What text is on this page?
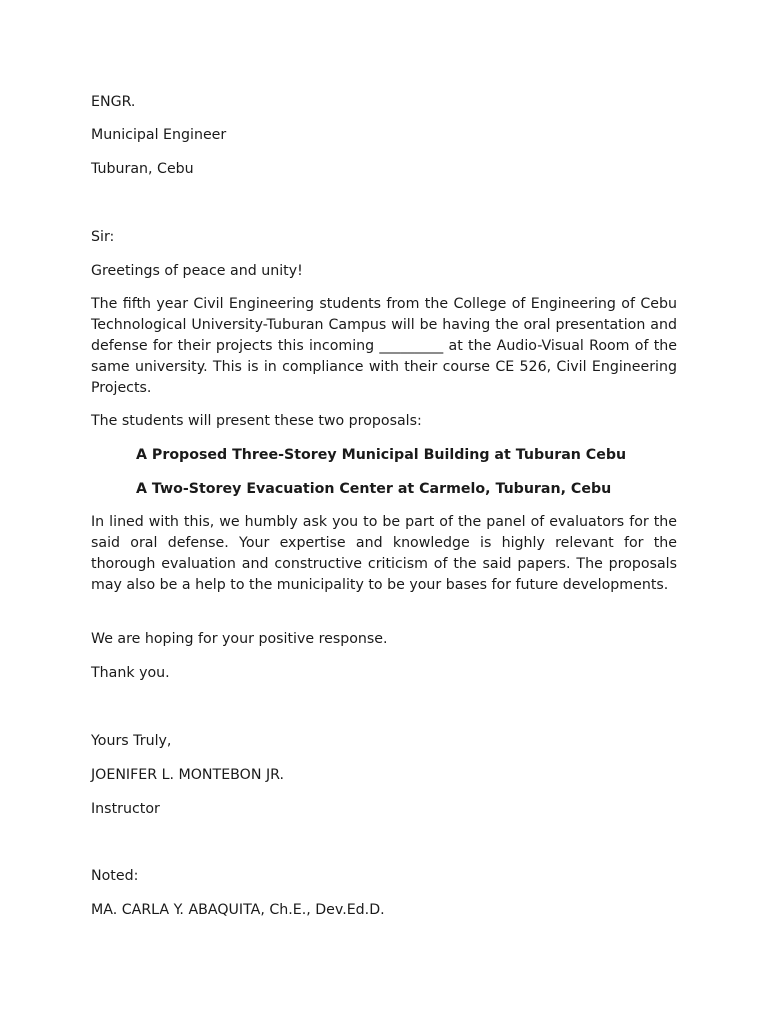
ENGR.

Municipal Engineer

Tuburan, Cebu

Sir:

Greetings of peace and unity!

The fifth year Civil Engineering students from the College of Engineering of Cebu Technological University-Tuburan Campus will be having the oral presentation and defense for their projects this incoming _________ at the Audio-Visual Room of the same university. This is in compliance with their course CE 526, Civil Engineering Projects.

The students will present these two proposals:

A Proposed Three-Storey Municipal Building at Tuburan Cebu

A Two-Storey Evacuation Center at Carmelo, Tuburan, Cebu

In lined with this, we humbly ask you to be part of the panel of evaluators for the said oral defense. Your expertise and knowledge is highly relevant for the thorough evaluation and constructive criticism of the said papers. The proposals may also be a help to the municipality to be your bases for future developments.

We are hoping for your positive response.

Thank you.

Yours Truly,

JOENIFER L. MONTEBON JR.

Instructor

Noted:

MA. CARLA Y. ABAQUITA, Ch.E., Dev.Ed.D.
